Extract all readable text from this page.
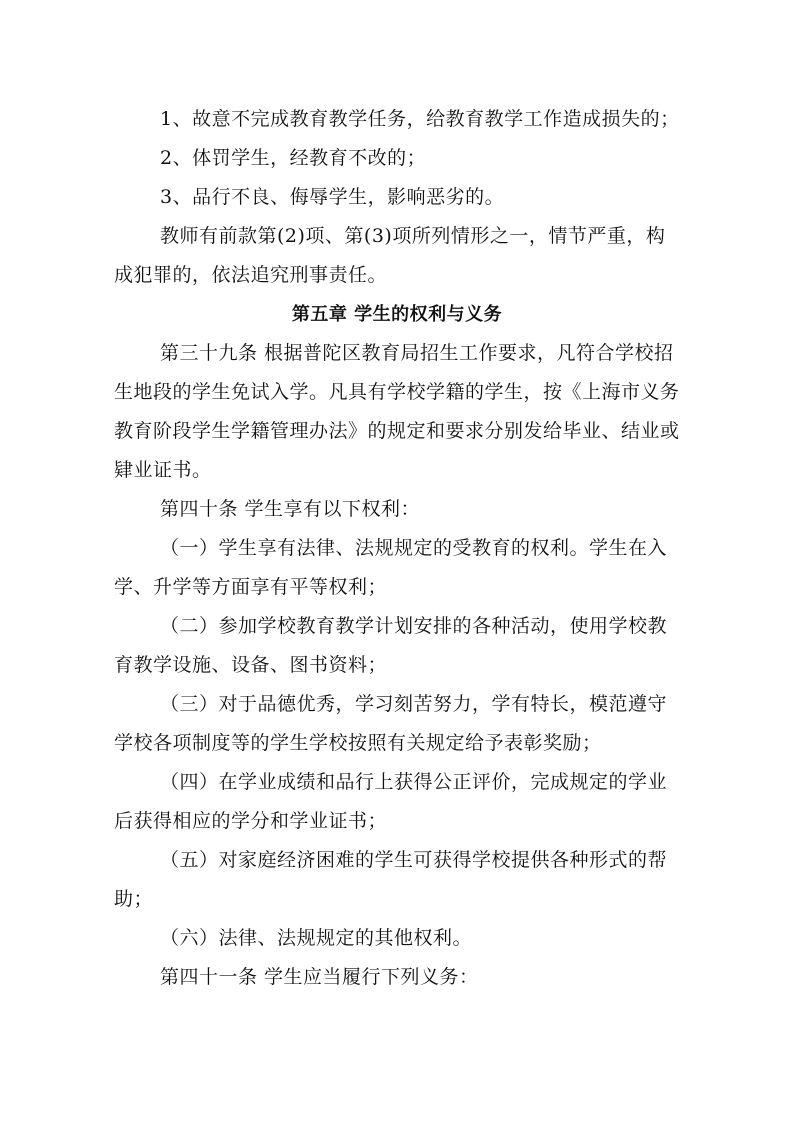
1、故意不完成教育教学任务，给教育教学工作造成损失的；

2、体罚学生，经教育不改的；

3、品行不良、侮辱学生，影响恶劣的。

教师有前款第(2)项、第(3)项所列情形之一，情节严重，构成犯罪的，依法追究刑事责任。

第五章 学生的权利与义务

第三十九条 根据普陀区教育局招生工作要求，凡符合学校招生地段的学生免试入学。凡具有学校学籍的学生，按《上海市义务教育阶段学生学籍管理办法》的规定和要求分别发给毕业、结业或肄业证书。

第四十条 学生享有以下权利：

（一）学生享有法律、法规规定的受教育的权利。学生在入学、升学等方面享有平等权利；

（二）参加学校教育教学计划安排的各种活动，使用学校教育教学设施、设备、图书资料；

（三）对于品德优秀，学习刻苦努力，学有特长，模范遵守学校各项制度等的学生学校按照有关规定给予表彰奖励；

（四）在学业成绩和品行上获得公正评价，完成规定的学业后获得相应的学分和学业证书；

（五）对家庭经济困难的学生可获得学校提供各种形式的帮助；

（六）法律、法规规定的其他权利。

第四十一条 学生应当履行下列义务：
